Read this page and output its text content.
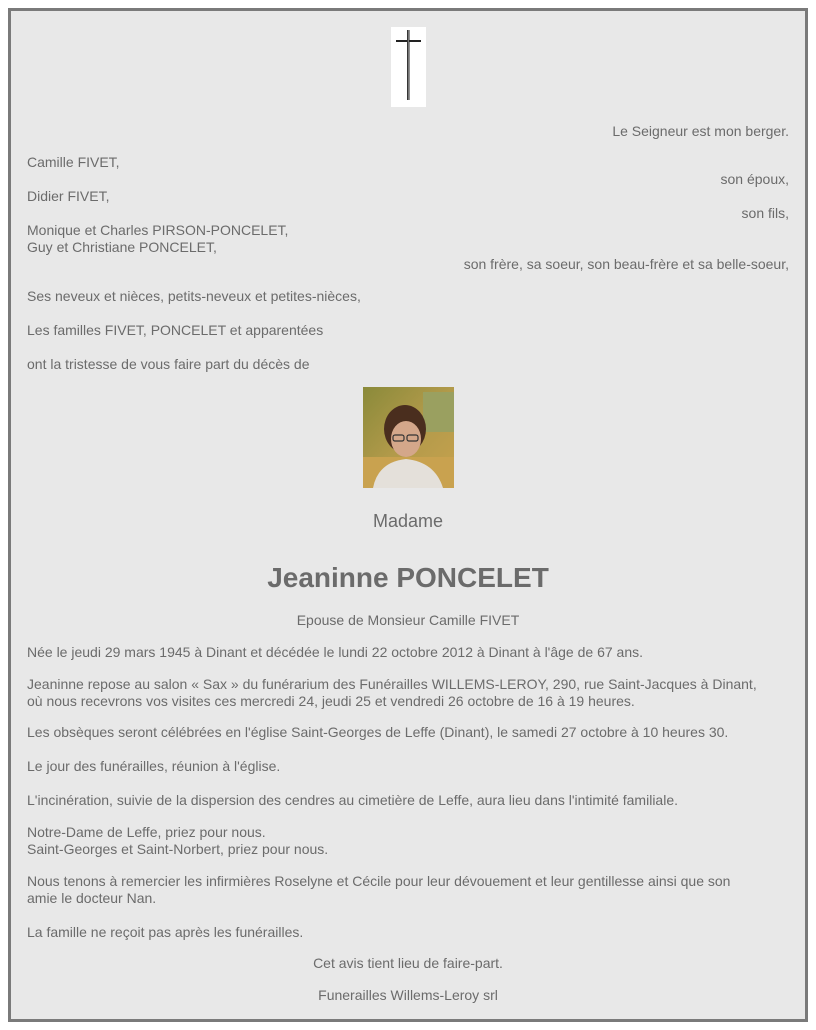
Le Seigneur est mon berger.

Camille FIVET,

son époux,

Didier FIVET,

son fils,

Monique et Charles PIRSON-PONCELET,

Guy et Christiane PONCELET,

son frère, sa soeur, son beau-frère et sa belle-soeur,

Ses neveux et nièces, petits-neveux et petites-nièces,

Les familles FIVET, PONCELET et apparentées

ont la tristesse de vous faire part du décès de

Madame

Jeaninne PONCELET

Epouse de Monsieur Camille FIVET

Née le jeudi 29 mars 1945 à Dinant et décédée le lundi 22 octobre 2012 à Dinant à l'âge de 67 ans.

Jeaninne repose au salon « Sax » du funérarium des Funérailles WILLEMS-LEROY, 290, rue Saint-Jacques à Dinant,

où nous recevrons vos visites ces mercredi 24, jeudi 25 et vendredi 26 octobre de 16 à 19 heures.

Les obsèques seront célébrées en l'église Saint-Georges de Leffe (Dinant), le samedi 27 octobre à 10 heures 30.

Le jour des funérailles, réunion à l'église.

L'incinération, suivie de la dispersion des cendres au cimetière de Leffe, aura lieu dans l'intimité familiale.

Notre-Dame de Leffe, priez pour nous.

Saint-Georges et Saint-Norbert, priez pour nous.

Nous tenons à remercier les infirmières Roselyne et Cécile pour leur dévouement et leur gentillesse ainsi que son

amie le docteur Nan.

La famille ne reçoit pas après les funérailles.

Cet avis tient lieu de faire-part.

Funerailles Willems-Leroy srl
